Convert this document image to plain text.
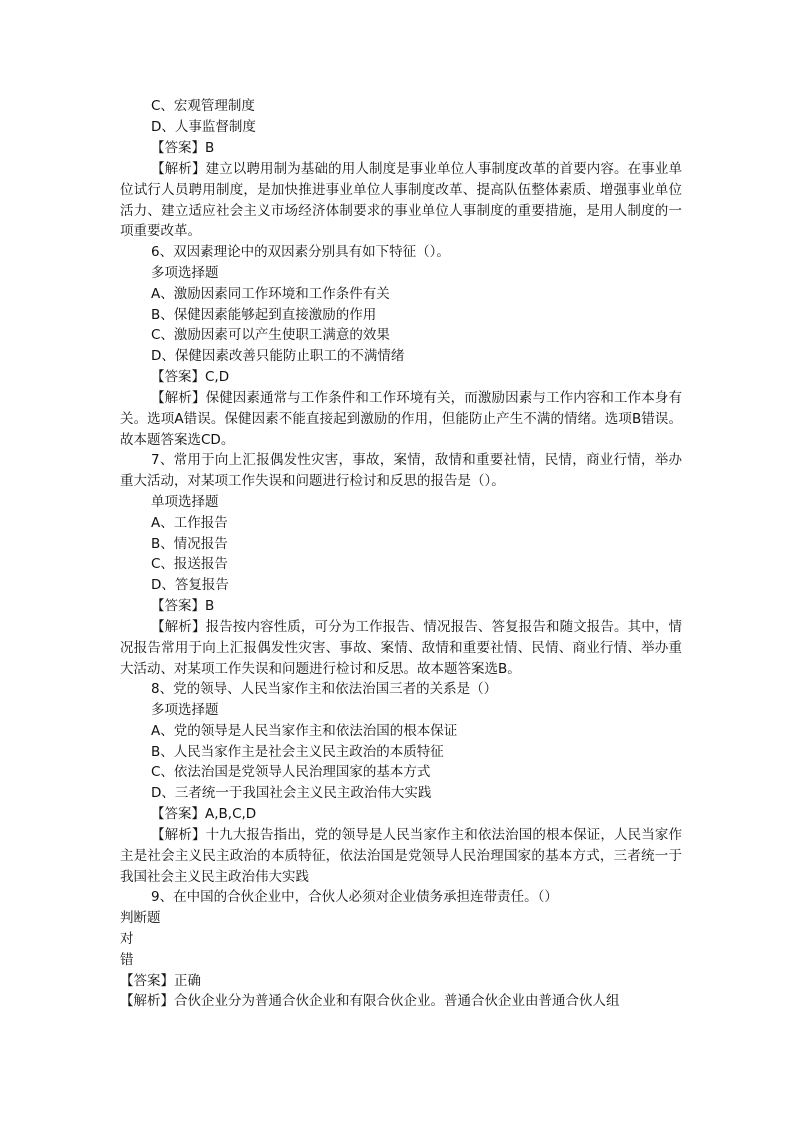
C、宏观管理制度
D、人事监督制度
【答案】B
【解析】建立以聘用制为基础的用人制度是事业单位人事制度改革的首要内容。在事业单位试行人员聘用制度，是加快推进事业单位人事制度改革、提高队伍整体素质、增强事业单位活力、建立适应社会主义市场经济体制要求的事业单位人事制度的重要措施，是用人制度的一项重要改革。
6、双因素理论中的双因素分别具有如下特征（）。
多项选择题
A、激励因素同工作环境和工作条件有关
B、保健因素能够起到直接激励的作用
C、激励因素可以产生使职工满意的效果
D、保健因素改善只能防止职工的不满情绪
【答案】C,D
【解析】保健因素通常与工作条件和工作环境有关，而激励因素与工作内容和工作本身有关。选项A错误。保健因素不能直接起到激励的作用，但能防止产生不满的情绪。选项B错误。故本题答案选CD。
7、常用于向上汇报偶发性灾害，事故，案情，敌情和重要社情，民情，商业行情，举办重大活动，对某项工作失误和问题进行检讨和反思的报告是（）。
单项选择题
A、工作报告
B、情况报告
C、报送报告
D、答复报告
【答案】B
【解析】报告按内容性质，可分为工作报告、情况报告、答复报告和随文报告。其中，情况报告常用于向上汇报偶发性灾害、事故、案情、敌情和重要社情、民情、商业行情、举办重大活动、对某项工作失误和问题进行检讨和反思。故本题答案选B。
8、党的领导、人民当家作主和依法治国三者的关系是（）
多项选择题
A、党的领导是人民当家作主和依法治国的根本保证
B、人民当家作主是社会主义民主政治的本质特征
C、依法治国是党领导人民治理国家的基本方式
D、三者统一于我国社会主义民主政治伟大实践
【答案】A,B,C,D
【解析】十九大报告指出，党的领导是人民当家作主和依法治国的根本保证，人民当家作主是社会主义民主政治的本质特征，依法治国是党领导人民治理国家的基本方式，三者统一于我国社会主义民主政治伟大实践
9、在中国的合伙企业中，合伙人必须对企业债务承担连带责任。（）
判断题
对
错
【答案】正确
【解析】合伙企业分为普通合伙企业和有限合伙企业。普通合伙企业由普通合伙人组
